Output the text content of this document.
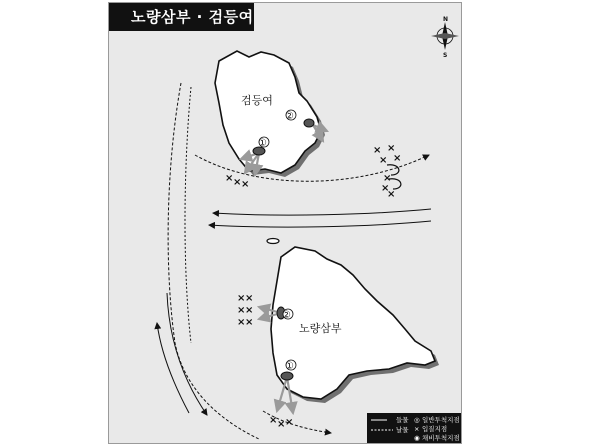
N
S
검등여
노량삼부
①
②
②
①
× × ×
×
×
×
×
×
×
×
× ×
× ×
× ×
× × ×	들물
날물
◎ 일반투척지점
× 입질지점
◉ 채비투척지점
노량삼부 · 검등여
